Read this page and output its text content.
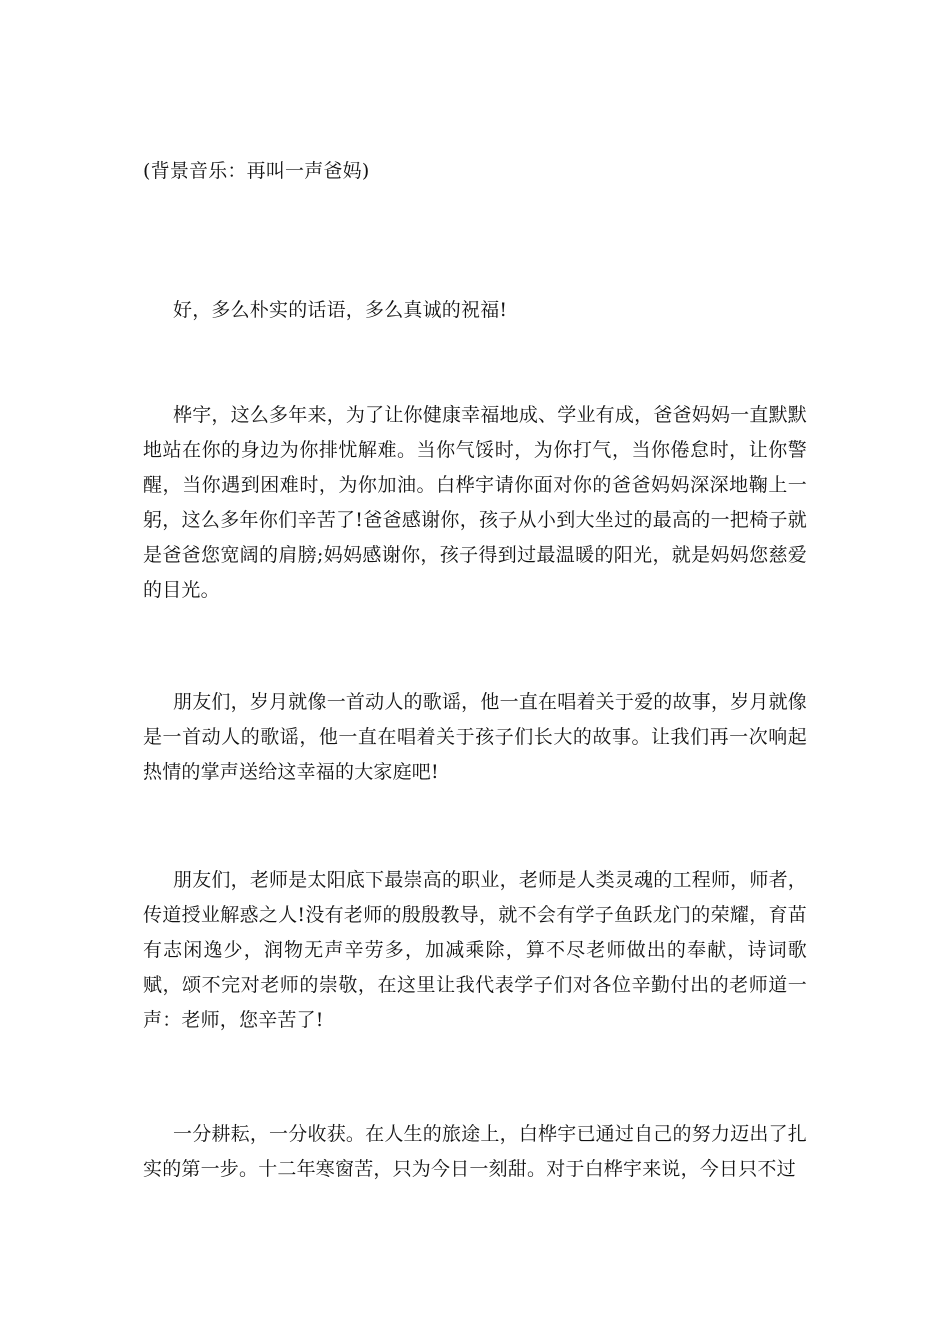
(背景音乐：再叫一声爸妈)

好，多么朴实的话语，多么真诚的祝福!

桦宇，这么多年来，为了让你健康幸福地成、学业有成，爸爸妈妈一直默默地站在你的身边为你排忧解难。当你气馁时，为你打气，当你倦怠时，让你警醒，当你遇到困难时，为你加油。白桦宇请你面对你的爸爸妈妈深深地鞠上一躬，这么多年你们辛苦了!爸爸感谢你，孩子从小到大坐过的最高的一把椅子就是爸爸您宽阔的肩膀;妈妈感谢你，孩子得到过最温暖的阳光，就是妈妈您慈爱的目光。

朋友们，岁月就像一首动人的歌谣，他一直在唱着关于爱的故事，岁月就像是一首动人的歌谣，他一直在唱着关于孩子们长大的故事。让我们再一次响起热情的掌声送给这幸福的大家庭吧!

朋友们，老师是太阳底下最崇高的职业，老师是人类灵魂的工程师，师者，传道授业解惑之人!没有老师的殷殷教导，就不会有学子鱼跃龙门的荣耀，育苗有志闲逸少，润物无声辛劳多，加减乘除，算不尽老师做出的奉献，诗词歌赋，颂不完对老师的崇敬，在这里让我代表学子们对各位辛勤付出的老师道一声：老师，您辛苦了!

一分耕耘，一分收获。在人生的旅途上，白桦宇已通过自己的努力迈出了扎实的第一步。十二年寒窗苦，只为今日一刻甜。对于白桦宇来说，今日只不过
